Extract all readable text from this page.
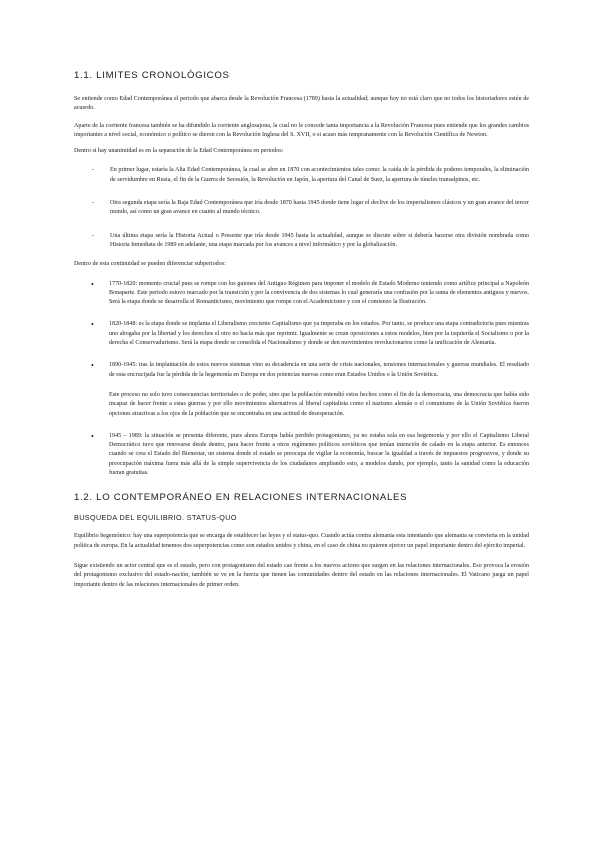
1.1. LIMITES CRONOLÓGICOS

Se entiende como Edad Contemporánea el periodo que abarca desde la Revolución Francesa (1789) hasta la actualidad; aunque hoy no está claro que no todos los historiadores estén de acuerdo.

Aparte de la corriente francesa también se ha difundido la corriente anglosajona, la cual no le concede tanta importancia a la Revolución Francesa pues entiende que los grandes cambios importantes a nivel social, económico o político se dieron con la Revolución Inglesa del S. XVII, o si acaso más tempranamente con la Revolución Científica de Newton.

Dentro si hay unanimidad es en la separación de la Edad Contemporánea en periodos:

-	En primer lugar, estaría la Alta Edad Contemporánea, la cual se abre en 1870 con acontecimientos tales como: la caída de la pérdida de poderes temporales, la eliminación de servidumbre en Rusia, el fin de la Guerra de Secesión, la Revolución en Japón, la apertura del Canal de Suez, la apertura de túneles transalpinos, etc.
-	Otra segunda etapa sería la Baja Edad Contemporánea que iría desde 1870 hasta 1945 donde tiene lugar el declive de los imperialismos clásicos y un gran avance del tercer mundo, así como un gran avance en cuanto al mundo técnico.
-	Una última etapa sería la Historia Actual o Presente que iría desde 1945 hasta la actualidad, aunque se discute sobre si debería hacerse otra división nombrada como Historia Inmediata de 1989 en adelante, una etapa marcada por los avances a nivel informático y por la globalización.

Dentro de esta continuidad se pueden diferenciar subperiodos:

• 1770-1820: momento crucial pues se rompe con los guiones del Antiguo Régimen para imponer el modelo de Estado Moderno teniendo como artífice principal a Napoleón Bonaparte. Este periodo estuvo marcado por la transición y por la convivencia de dos sistemas lo cual generaría una confusión por la suma de elementos antiguos y nuevos. Será la etapa donde se desarrolla el Romanticismo, movimiento que rompe con el Academicismo y con el comienzo la Ilustración.
• 1820-1848: es la etapa donde se implanta el Liberalismo creciente Capitalismo que ya imperaba en los estados. Por tanto, se produce una etapa contradictoria pues mientras uno abogaba por la libertad y los derechos el otro no hacía más que reprimir. Igualmente se crean oposiciones a estos modelos, bien por la izquierda el Socialismo o por la derecha el Conservadurismo. Será la etapa donde se consolida el Nacionalismo y donde se den movimientos revolucionarios como la unificación de Alemania.
• 1890-1945: tras la implantación de estos nuevos sistemas vino su decadencia en una serie de crisis nacionales, tensiones internacionales y guerras mundiales. El resultado de esta encrucijada fue la pérdida de la hegemonía en Europa en dos potencias nuevas como eran Estados Unidos o la Unión Soviética.

Este proceso no solo tuvo consecuencias territoriales o de poder, sino que la población entendió estos hechos como el fin de la democracia, una democracia que había sido incapaz de hacer frente a estas guerras y por ello movimientos alternativos al liberal capitalista como el nazismo alemán o el comunismo de la Unión Soviética fueron opciones atractivas a los ojos de la población que se encontraba en una actitud de desesperación.

• 1945 – 1989: la situación se presenta diferente, pues ahora Europa había perdido protagonismo, ya no estaba sola en esa hegemonía y por ello el Capitalismo Liberal Democrático tuvo que renovarse desde dentro, para hacer frente a otros regímenes políticos soviéticos que tenían intención de calado en la etapa anterior. Es entonces cuando se crea el Estado del Bienestar, un sistema donde el estado se preocupa de vigilar la economía, buscar la igualdad a través de impuestos progresivos, y donde su preocupación máxima fuera más allá de la simple supervivencia de los ciudadanos ampliando esto, a modelos dando, por ejemplo, tanto la sanidad como la educación fueran gratuitas.
1.2. LO CONTEMPORÁNEO EN RELACIONES INTERNACIONALES
BUSQUEDA DEL EQUILIBRIO. STATUS-QUO

Equilibrio hegemónico: hay una superpotencia que se encarga de establecer las leyes y el status-quo. Cuando actúa contra alemania esta intentando que alemania se convierta en la unidad política de europa. En la actualidad tenemos dos superpotencias como son estados unidos y china, en el caso de china no quieren ejercer un papel importante dentro del ejército imperial.

Sigue existiendo un actor central que es el estado, pero con protagonismo del estado cae frente a los nuevos actores que surgen en las relaciones internacionales. Eso provoca la erosión del protagonismo exclusivo del estado-nación, también se ve en la fuerza que tienen las comunidades dentro del estado en las relaciones internacionales. El Vaticano juega un papel importante dentro de las relaciones internacionales de primer orden.
